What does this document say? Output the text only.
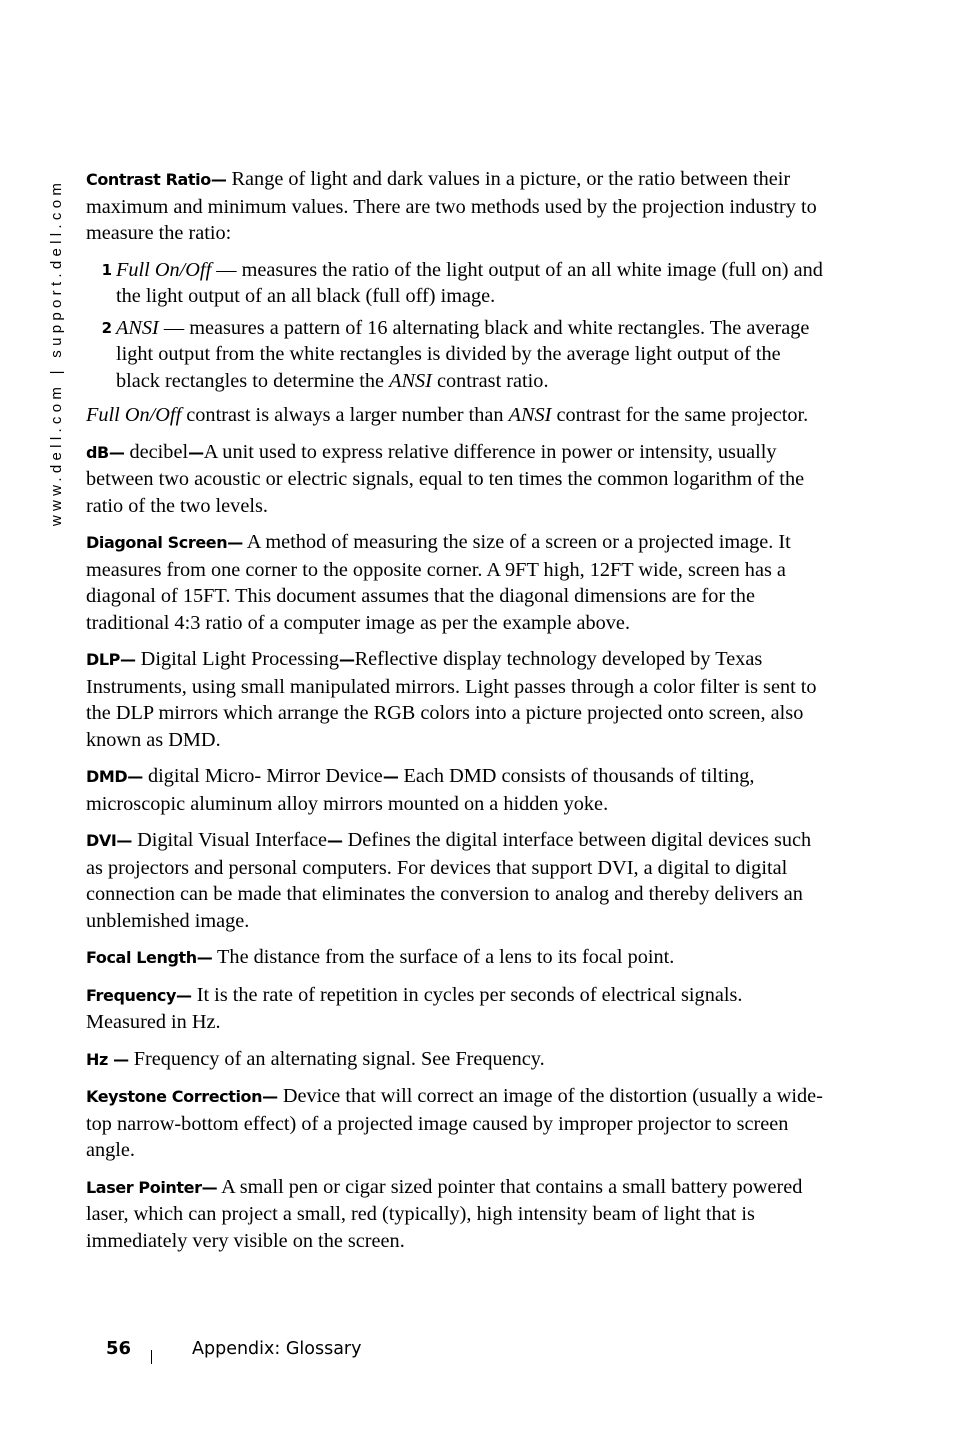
www.dell.com | support.dell.com Contrast Ratio— Range of light and dark values in a picture, or the ratio between their maximum and minimum values. There are two methods used by the projection industry to measure the ratio:
1 Full On/Off — measures the ratio of the light output of an all white image (full on) and the light output of an all black (full off) image.
2 ANSI — measures a pattern of 16 alternating black and white rectangles. The average light output from the white rectangles is divided by the average light output of the black rectangles to determine the ANSI contrast ratio.
Full On/Off contrast is always a larger number than ANSI contrast for the same projector.
dB— decibel—A unit used to express relative difference in power or intensity, usually between two acoustic or electric signals, equal to ten times the common logarithm of the ratio of the two levels.
Diagonal Screen— A method of measuring the size of a screen or a projected image. It measures from one corner to the opposite corner. A 9FT high, 12FT wide, screen has a diagonal of 15FT. This document assumes that the diagonal dimensions are for the traditional 4:3 ratio of a computer image as per the example above.
DLP— Digital Light Processing—Reflective display technology developed by Texas Instruments, using small manipulated mirrors. Light passes through a color filter is sent to the DLP mirrors which arrange the RGB colors into a picture projected onto screen, also known as DMD.
DMD— digital Micro- Mirror Device— Each DMD consists of thousands of tilting, microscopic aluminum alloy mirrors mounted on a hidden yoke.
DVI— Digital Visual Interface— Defines the digital interface between digital devices such as projectors and personal computers. For devices that support DVI, a digital to digital connection can be made that eliminates the conversion to analog and thereby delivers an unblemished image.
Focal Length— The distance from the surface of a lens to its focal point.
Frequency— It is the rate of repetition in cycles per seconds of electrical signals. Measured in Hz.
Hz — Frequency of an alternating signal. See Frequency.
Keystone Correction— Device that will correct an image of the distortion (usually a wide-top narrow-bottom effect) of a projected image caused by improper projector to screen angle.
Laser Pointer— A small pen or cigar sized pointer that contains a small battery powered laser, which can project a small, red (typically), high intensity beam of light that is immediately very visible on the screen.
56	Appendix: Glossary
